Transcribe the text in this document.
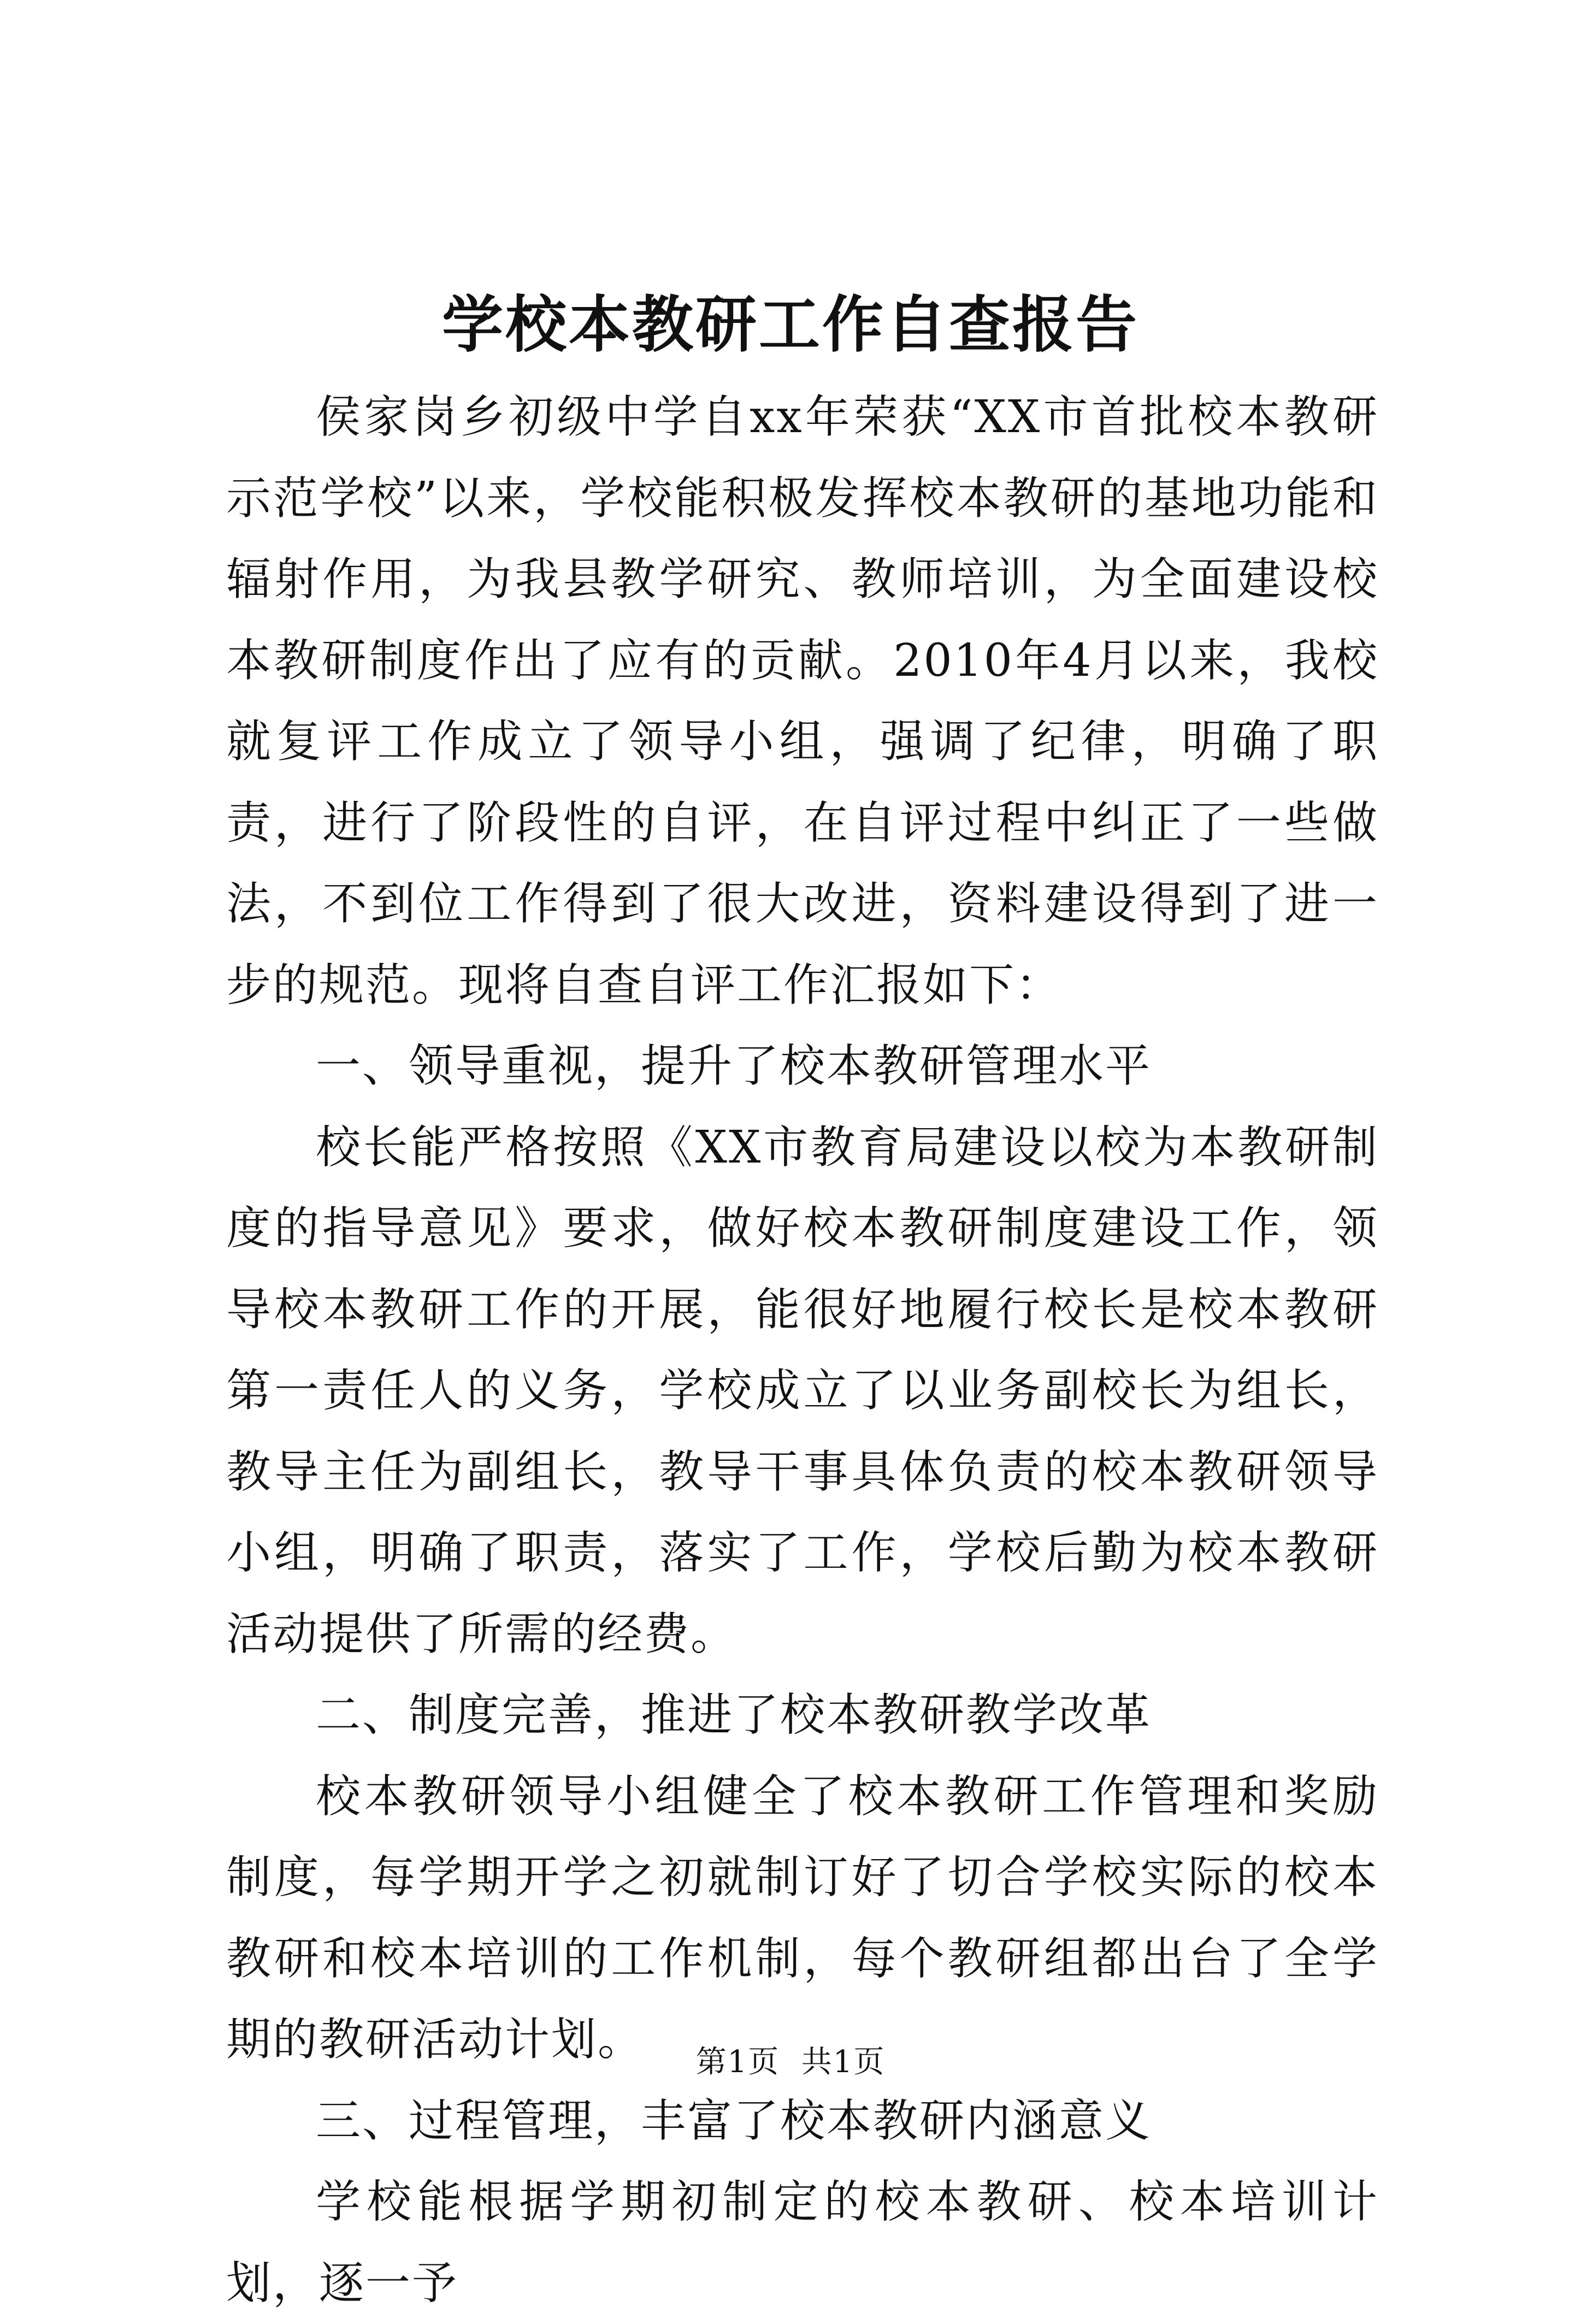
学校本教研工作自查报告

侯家岗乡初级中学自xx年荣获“XX市首批校本教研示范学校”以来，学校能积极发挥校本教研的基地功能和辐射作用，为我县教学研究、教师培训，为全面建设校本教研制度作出了应有的贡献。2010年4月以来，我校就复评工作成立了领导小组，强调了纪律，明确了职责，进行了阶段性的自评，在自评过程中纠正了一些做法，不到位工作得到了很大改进，资料建设得到了进一步的规范。现将自查自评工作汇报如下：

一、领导重视，提升了校本教研管理水平

校长能严格按照《XX市教育局建设以校为本教研制度的指导意见》要求，做好校本教研制度建设工作，领导校本教研工作的开展，能很好地履行校长是校本教研第一责任人的义务，学校成立了以业务副校长为组长，教导主任为副组长，教导干事具体负责的校本教研领导小组，明确了职责，落实了工作，学校后勤为校本教研活动提供了所需的经费。

二、制度完善，推进了校本教研教学改革

校本教研领导小组健全了校本教研工作管理和奖励制度，每学期开学之初就制订好了切合学校实际的校本教研和校本培训的工作机制，每个教研组都出台了全学期的教研活动计划。

三、过程管理，丰富了校本教研内涵意义

学校能根据学期初制定的校本教研、校本培训计划，逐一予

第1页  共1页
